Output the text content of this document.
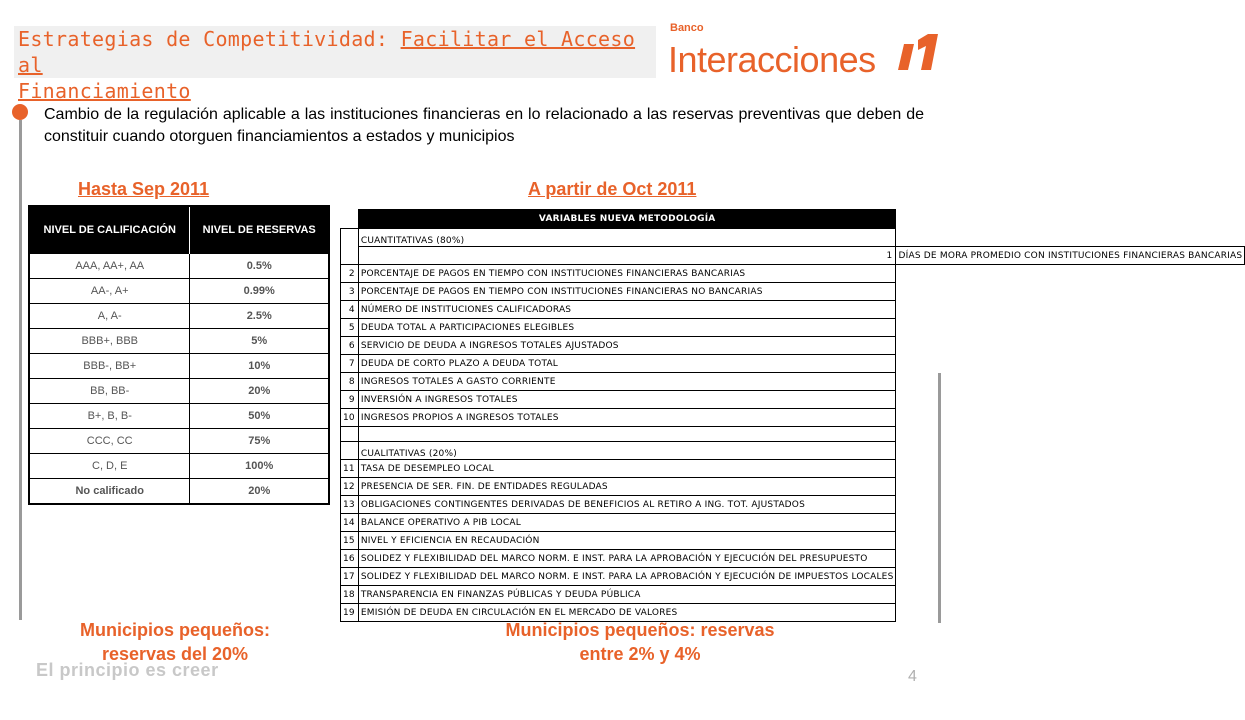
Estrategias de Competitividad: Facilitar el Acceso al
Financiamiento
Banco
Interacciones
Cambio de la regulación aplicable a las instituciones financieras en lo relacionado a las reservas preventivas que deben de constituir cuando otorguen financiamientos a estados y municipios
Hasta Sep 2011	A partir de Oct 2011
NIVEL DE CALIFICACIÓN	NIVEL DE RESERVAS
AAA, AA+, AA	0.5%
AA-, A+	0.99%
A, A-	2.5%
BBB+, BBB	5%
BBB-, BB+	10%
BB, BB-	20%
B+, B, B-	50%
CCC, CC	75%
C, D, E	100%
No calificado	20%
	VARIABLES NUEVA METODOLOGÍA	
	CUANTITATIVAS (80%)	
	1	DÍAS DE MORA PROMEDIO CON INSTITUCIONES FINANCIERAS BANCARIAS
2	PORCENTAJE DE PAGOS EN TIEMPO CON INSTITUCIONES FINANCIERAS BANCARIAS	
3	PORCENTAJE DE PAGOS EN TIEMPO CON INSTITUCIONES FINANCIERAS NO BANCARIAS	
4	NÚMERO DE INSTITUCIONES CALIFICADORAS	
5	DEUDA TOTAL A PARTICIPACIONES ELEGIBLES	
6	SERVICIO DE DEUDA A INGRESOS TOTALES AJUSTADOS	
7	DEUDA DE CORTO PLAZO A DEUDA TOTAL	
8	INGRESOS TOTALES A GASTO CORRIENTE	
9	INVERSIÓN A INGRESOS TOTALES	
10	INGRESOS PROPIOS A INGRESOS TOTALES	

	CUALITATIVAS (20%)	
11	TASA DE DESEMPLEO LOCAL	
12	PRESENCIA DE SER. FIN. DE ENTIDADES REGULADAS	
13	OBLIGACIONES CONTINGENTES DERIVADAS DE BENEFICIOS AL RETIRO A ING. TOT. AJUSTADOS	
14	BALANCE OPERATIVO A PIB LOCAL	
15	NIVEL Y EFICIENCIA EN RECAUDACIÓN	
16	SOLIDEZ Y FLEXIBILIDAD DEL MARCO NORM. E INST. PARA LA APROBACIÓN Y EJECUCIÓN DEL PRESUPUESTO	
17	SOLIDEZ Y FLEXIBILIDAD DEL MARCO NORM. E INST. PARA LA APROBACIÓN Y EJECUCIÓN DE IMPUESTOS LOCALES	
18	TRANSPARENCIA EN FINANZAS PÚBLICAS Y DEUDA PÚBLICA	
19	EMISIÓN DE DEUDA EN CIRCULACIÓN EN EL MERCADO DE VALORES	
Municipios pequeños:
reservas del 20%
Municipios pequeños: reservas
entre 2% y 4%
El principio es creer	4
